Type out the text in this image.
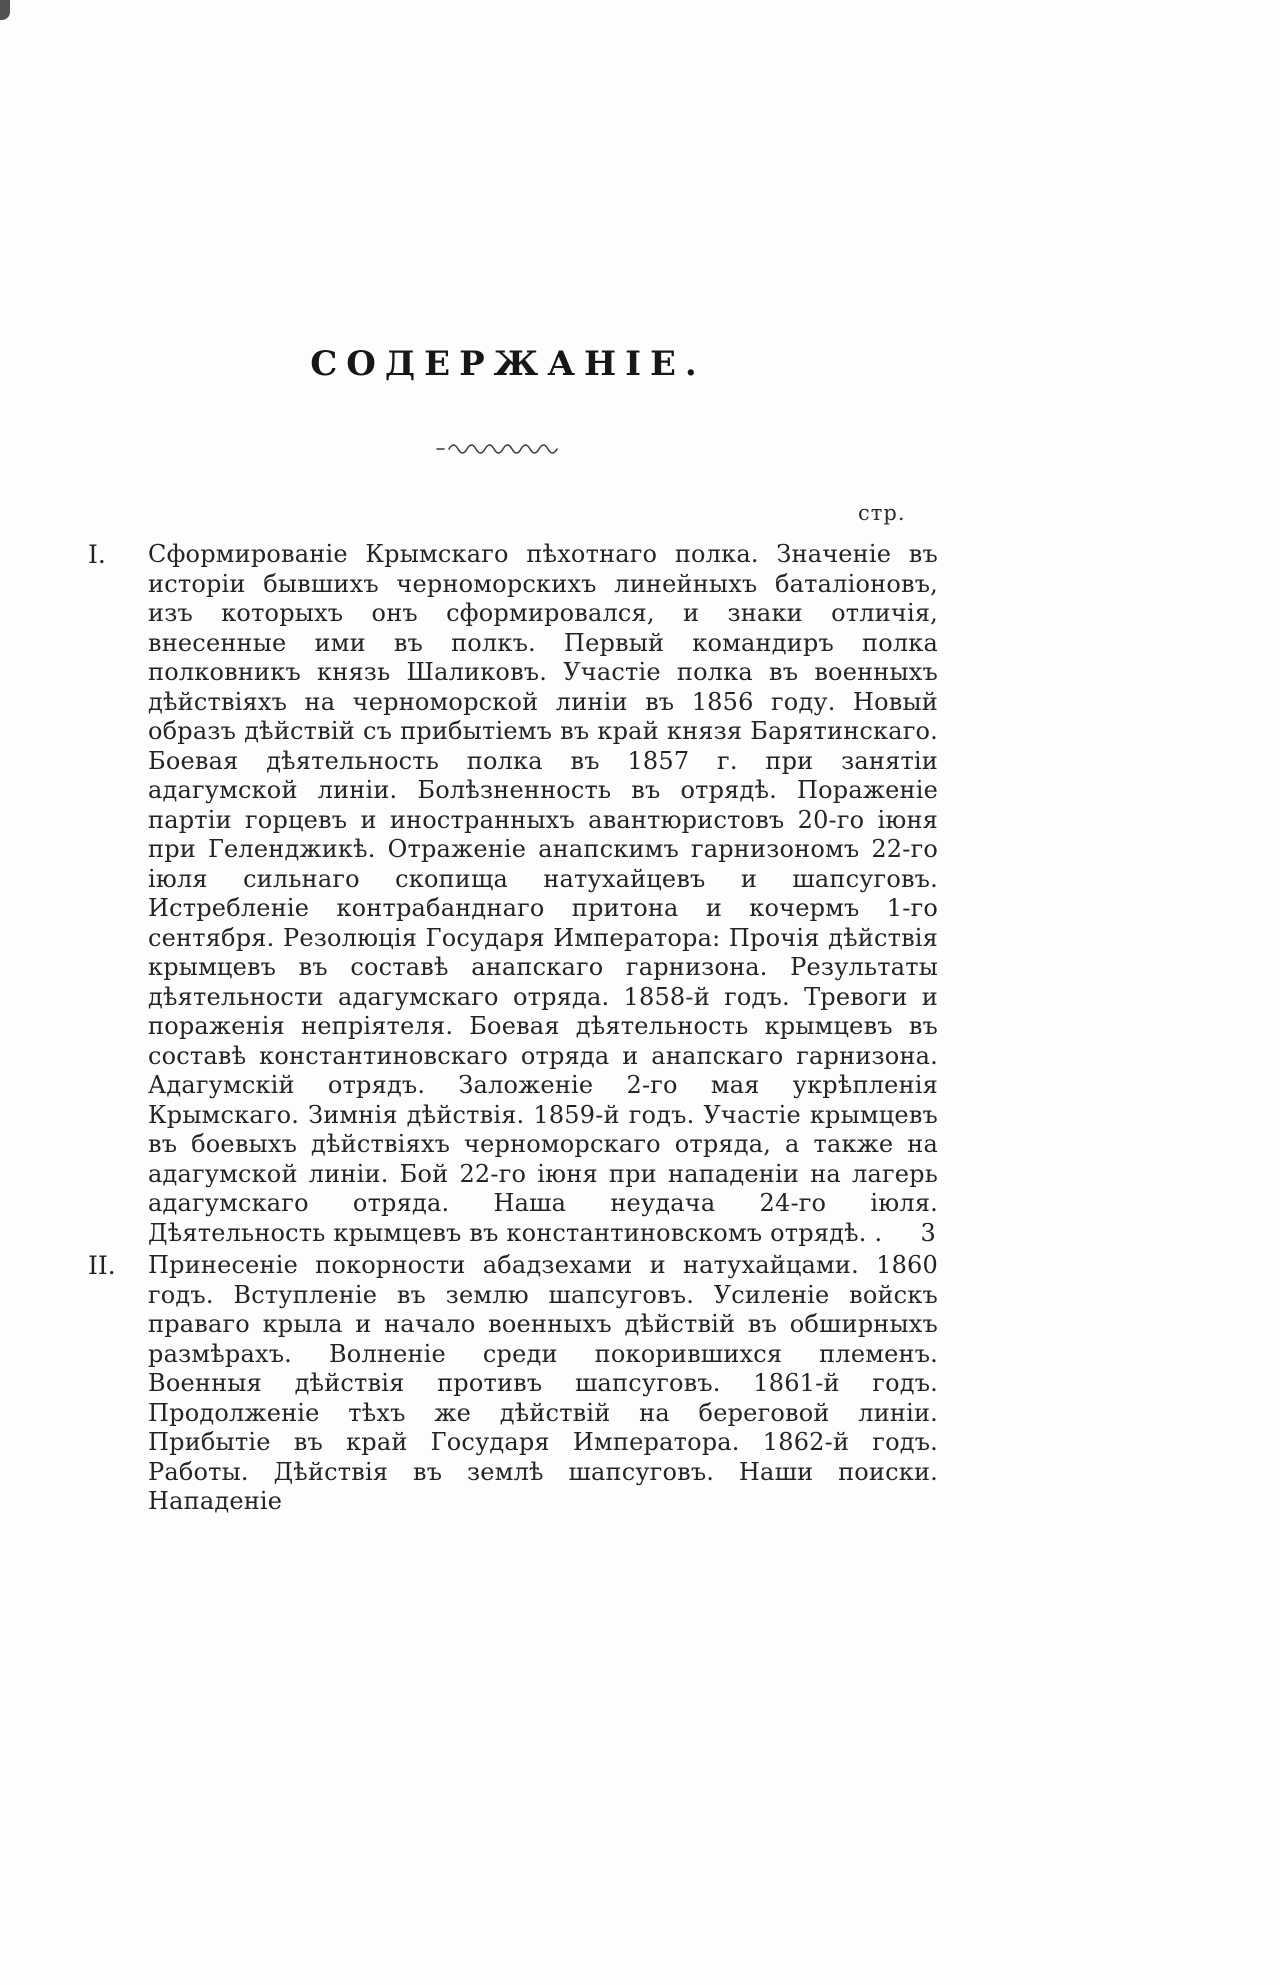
СОДЕРЖАНІЕ.
стр.
I.	Сформированіе Крымскаго пѣхотнаго полка. Значеніе въ исторіи бывшихъ черноморскихъ линейныхъ баталіоновъ, изъ которыхъ онъ сформировался, и знаки отличія, внесенные ими въ полкъ. Первый командиръ полка полковникъ князь Шаликовъ. Участіе полка въ военныхъ дѣйствіяхъ на черноморской линіи въ 1856 году. Новый образъ дѣйствій съ прибытіемъ въ край князя Барятинскаго. Боевая дѣятельность полка въ 1857 г. при занятіи адагумской линіи. Болѣзненность въ отрядѣ. Пораженіе партіи горцевъ и иностранныхъ авантюристовъ 20-го іюня при Геленджикѣ. Отраженіе анапскимъ гарнизономъ 22-го іюля сильнаго скопища натухайцевъ и шапсуговъ. Истребленіе контрабанднаго притона и кочермъ 1-го сентября. Резолюція Государя Императора: Прочія дѣйствія крымцевъ въ составѣ анапскаго гарнизона. Результаты дѣятельности адагумскаго отряда. 1858-й годъ. Тревоги и пораженія непріятеля. Боевая дѣятельность крымцевъ въ составѣ константиновскаго отряда и анапскаго гарнизона. Адагумскій отрядъ. Заложеніе 2-го мая укрѣпленія Крымскаго. Зимнія дѣйствія. 1859-й годъ. Участіе крымцевъ въ боевыхъ дѣйствіяхъ черноморскаго отряда, а также на адагумской линіи. Бой 22-го іюня при нападеніи на лагерь адагумскаго отряда. Наша неудача 24-го іюля. Дѣятельность крымцевъ въ константиновскомъ отрядѣ. . 3
II.	Принесеніе покорности абадзехами и натухайцами. 1860 годъ. Вступленіе въ землю шапсуговъ. Усиленіе войскъ праваго крыла и начало военныхъ дѣйствій въ обширныхъ размѣрахъ. Волненіе среди покорившихся племенъ. Военныя дѣйствія противъ шапсуговъ. 1861-й годъ. Продолженіе тѣхъ же дѣйствій на береговой линіи. Прибытіе въ край Государя Императора. 1862-й годъ. Работы. Дѣйствія въ землѣ шапсуговъ. Наши поиски. Нападеніе
